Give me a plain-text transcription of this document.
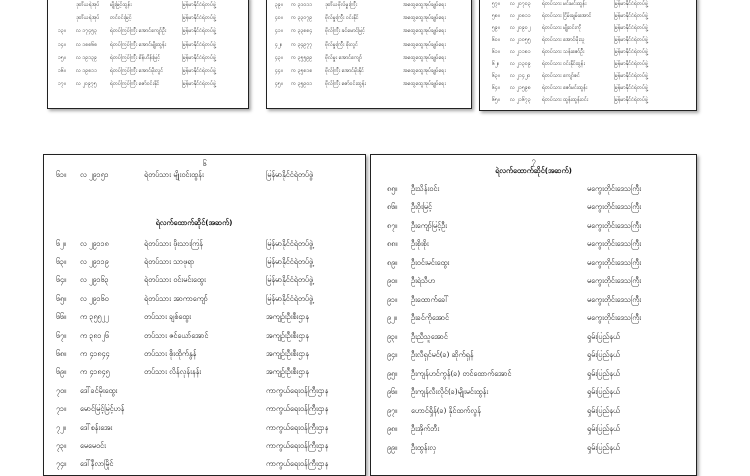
ဒုတိယရဲအုပ်	မျိုးမြင့်ထွန်း	မြန်မာနိုင်ငံရဲတပ်ဖွဲ့
ဒုတိယရဲအုပ်	တင်ဝင်းမြင့်	မြန်မာနိုင်ငံရဲတပ်ဖွဲ့
၁၃။	လ ၁၇၄၅၃	ရဲတပ်ကြပ်ကြီး အောင်ကျော်ဦး	မြန်မာနိုင်ငံရဲတပ်ဖွဲ့
၁၄။	လ ၁၈၈၆၈	ရဲတပ်ကြပ်ကြီး အောင်မျိုးထွန်း	မြန်မာနိုင်ငံရဲတပ်ဖွဲ့
၁၅။	လ ၁၉၁၃၉	ရဲတပ်ကြပ်ကြီး စိန်ဟိန်းမြင့်	မြန်မာနိုင်ငံရဲတပ်ဖွဲ့
၁၆။	လ ၁၉၈၁၁	ရဲတပ်ကြပ်ကြီး အောင်မိုးလွင်	မြန်မာနိုင်ငံရဲတပ်ဖွဲ့
၁၇။	လ ၂၀၉၇၅	ရဲတပ်ကြပ်ကြီး ဇော်ဝင်းနိုင်	မြန်မာနိုင်ငံရဲတပ်ဖွဲ့
၃၉။	က ၃၁၀၁၁	ဒုတိယဗိုလ်မှူးကြီး	အထွေထွေအုပ်ချုပ်ရေး
၄၀။	က ၃၃၀၇၉	ဗိုလ်မှူးကြီး ဝင်းနိုင်	အထွေထွေအုပ်ချုပ်ရေး
၄၁။	က ၃၃၈၈၄	ဗိုလ်ကြီး ခင်မောင်မြင့်	အထွေထွေအုပ်ချုပ်ရေး
၄၂။	က ၃၄၉၇၇	ဗိုလ်မှူးကြီး စိုးလွင်	အထွေထွေအုပ်ချုပ်ရေး
၄၃။	က ၃၅၅၉၉	ဗိုလ်မှူး အောင်ကျော်	အထွေထွေအုပ်ချုပ်ရေး
၄၄။	က ၃၅၈၁၈	ဗိုလ်ကြီး အောင်မိုးနိုင်	အထွေထွေအုပ်ချုပ်ရေး
၄၅။	က ၃၅၉၀၁	ဗိုလ်ကြီး ဇော်ဝင်းထွန်း	အထွေထွေအုပ်ချုပ်ရေး
၅၇။	လ ၂၀၇၀၃	ရဲတပ်သား မင်းမင်းထွန်း	မြန်မာနိုင်ငံရဲတပ်ဖွဲ့
၅၈။	လ ၂၀၈၁၁	ရဲတပ်သား ငြိမ်းချမ်းအောင်	မြန်မာနိုင်ငံရဲတပ်ဖွဲ့
၅၉။	လ ၂၀၉၀၂	ရဲတပ်သား မျိုးဝင်းကို	မြန်မာနိုင်ငံရဲတပ်ဖွဲ့
၆၀။	လ ၂၁၀၅၅	ရဲတပ်သား အောင်မိုးသူ	မြန်မာနိုင်ငံရဲတပ်ဖွဲ့
၆၁။	လ ၂၁၁၈၁	ရဲတပ်သား သန်းဇော်ဦး	မြန်မာနိုင်ငံရဲတပ်ဖွဲ့
၆၂။	လ ၂၁၃၀၉	ရဲတပ်သား ဝင်းနိုင်ထွန်း	မြန်မာနိုင်ငံရဲတပ်ဖွဲ့
၆၃။	လ ၂၁၄၂၀	ရဲတပ်သား ကျော်ဇင်	မြန်မာနိုင်ငံရဲတပ်ဖွဲ့
၆၄။	လ ၂၁၅၉၈	ရဲတပ်သား ဇော်မင်းထွန်း	မြန်မာနိုင်ငံရဲတပ်ဖွဲ့
၆၅။	လ ၂၁၆၇၃	ရဲတပ်သား ထွန်းထွန်းဝင်း	မြန်မာနိုင်ငံရဲတပ်ဖွဲ့
၆
၆၁။	လ ၂၉၁၅၁	ရဲတပ်သား မျိုးဝင်းထွန်း	မြန်မာနိုင်ငံရဲတပ်ဖွဲ့
ရဲလက်ထောက်ဆိုင်(အဆက်)
၆၂။	လ ၂၉၁၁၈	ရဲတပ်သား ဖိုးသားကြန်	မြန်မာနိုင်ငံရဲတပ်ဖွဲ့
၆၃။	လ ၂၉၁၁၉	ရဲတပ်သား သာဖုရာ	မြန်မာနိုင်ငံရဲတပ်ဖွဲ့
၆၄။	လ ၂၉၁၆၃	ရဲတပ်သား ဝင်းမင်းထွေး	မြန်မာနိုင်ငံရဲတပ်ဖွဲ့
၆၅။	လ ၂၉၁၆၀	ရဲတပ်သား အာကာကျော်	မြန်မာနိုင်ငံရဲတပ်ဖွဲ့
၆၆။	က ၃၅၅၂၂	တပ်သား ချစ်ထွေး	အကျဉ်းဦးစီးဌာန
၆၇။	က ၃၈၁၂၆	တပ်သား ဇင်ယော်အောင်	အကျဉ်းဦးစီးဌာန
၆၈။	က ၄၁၈၄၄	တပ်သား စိုးထိုက်နွန်	အကျဉ်းဦးစီးဌာန
၆၉။	က ၄၁၈၄၅	တပ်သား လိန်လုန်းနန်း	အကျဉ်းဦးစီးဌာန
၇၀။	ဒေါ်ခင်မိုးထွေး	ကာကွယ်ရေးဝန်ကြီးဌာန
၇၁။	မောင်မြင့်မြင့်ဟန်	ကာကွယ်ရေးဝန်ကြီးဌာန
၇၂။	ဒေါ်စန်းအေး	ကာကွယ်ရေးဝန်ကြီးဌာန
၇၃။	မေမေဝင်း	ကာကွယ်ရေးဝန်ကြီးဌာန
၇၄။	ဒေါ်နီလာမြိုင်	ကာကွယ်ရေးဝန်ကြီးဌာန
၇
ရဲလက်ထောက်ဆိုင်(အဆက်)
၈၅။	ဦးသိန်းဝင်း	မကွေးတိုင်းဒေသကြီး
၈၆။	ဦးဝိုးမြင့်	မကွေးတိုင်းဒေသကြီး
၈၇။	ဦးကျော်မြင့်ဦး	မကွေးတိုင်းဒေသကြီး
၈၈။	ဦးစိုးစိုး	မကွေးတိုင်းဒေသကြီး
၈၉။	ဦးဝင်းမင်းထွေး	မကွေးတိုင်းဒေသကြီး
၉၀။	ဦးရဲသီဟ	မကွေးတိုင်းဒေသကြီး
၉၁။	ဦးထောက်ခေါ်	မကွေးတိုင်းဒေသကြီး
၉၂။	ဦးခင်ကိုအောင်	မကွေးတိုင်းဒေသကြီး
၉၃။	ဦးညီသူအောင်	ရှမ်းပြည်နယ်
၉၄။	ဦးလီရှင်မင်(ခ) ဆိုက်ရှန်	ရှမ်းပြည်နယ်
၉၅။	ဦးကျန်ဟင်ကွန်(ခ) တင်ထောက်အောင်	ရှမ်းပြည်နယ်
၉၆။	ဦးကျန်လီးလိုင်(ခ)မျိုးမင်းထွန်း	ရှမ်းပြည်နယ်
၉၇။	ဟောင်ရှိန်(ခ) နိုင်ထက်လွန်	ရှမ်းပြည်နယ်
၉၈။	ဦးအိုက်ဘီး	ရှမ်းပြည်နယ်
၉၉။	ဦးထွန်းလှ	ရှမ်းပြည်နယ်
